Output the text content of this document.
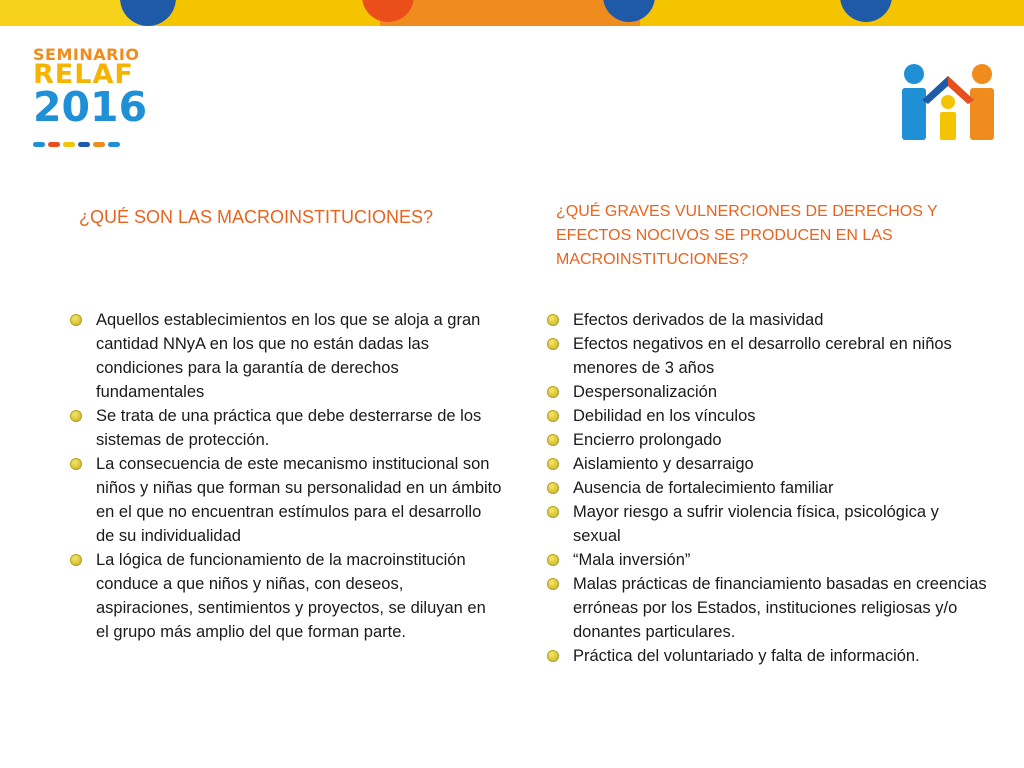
SEMINARIO
RELAF
2016
¿QUÉ SON LAS MACROINSTITUCIONES?	¿QUÉ GRAVES VULNERCIONES DE DERECHOS Y EFECTOS NOCIVOS SE PRODUCEN EN LAS MACROINSTITUCIONES?
Aquellos establecimientos en los que se aloja a gran cantidad NNyA en los que no están dadas las condiciones para la garantía de derechos fundamentales
Se trata de una práctica que debe desterrarse de los sistemas de protección.
La consecuencia de este mecanismo institucional son niños y niñas que forman su personalidad en un ámbito en el que no encuentran estímulos para el desarrollo de su individualidad
La lógica de funcionamiento de la macroinstitución conduce a que niños y niñas, con deseos, aspiraciones, sentimientos y proyectos, se diluyan en el grupo más amplio del que forman parte.
Efectos derivados de la masividad
Efectos negativos en el desarrollo cerebral en niños menores de 3 años
Despersonalización
Debilidad en los vínculos
Encierro prolongado
Aislamiento y desarraigo
Ausencia de fortalecimiento familiar
Mayor riesgo a sufrir violencia física, psicológica y sexual
“Mala inversión”
Malas prácticas de financiamiento basadas en creencias erróneas por los Estados, instituciones religiosas y/o donantes particulares.
Práctica del voluntariado y falta de información.
